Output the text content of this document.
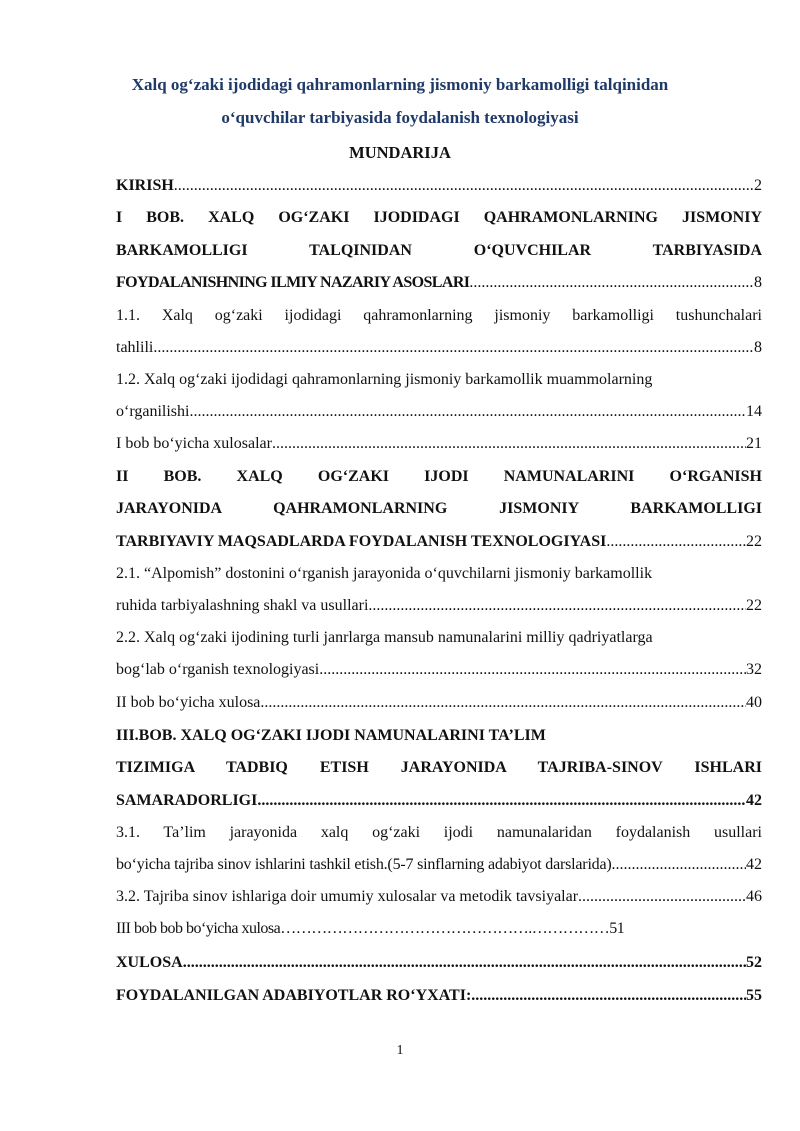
Xalq og‘zaki ijodidagi qahramonlarning jismoniy barkamolligi talqinidan
o‘quvchilar tarbiyasida foydalanish texnologiyasi
MUNDARIJA
KIRISH .....	2
I BOB. XALQ OG‘ZAKI IJODIDAGI QAHRAMONLARNING JISMONIY
BARKAMOLLIGI TALQINIDAN O‘QUVCHILAR TARBIYASIDA
FOYDALANISHNING ILMIY NAZARIY ASOSLARI .....	8
1.1. Xalq og‘zaki ijodidagi qahramonlarning jismoniy barkamolligi tushunchalari
tahlili .....	8
1.2. Xalq og‘zaki ijodidagi qahramonlarning jismoniy barkamollik muammolarning
o‘rganilishi .....	14
I bob bo‘yicha xulosalar .....	21
II BOB. XALQ OG‘ZAKI IJODI NAMUNALARINI O‘RGANISH
JARAYONIDA QAHRAMONLARNING JISMONIY BARKAMOLLIGI
TARBIYAVIY MAQSADLARDA FOYDALANISH TEXNOLOGIYASI .....	22
2.1. “Alpomish” dostonini o‘rganish jarayonida o‘quvchilarni jismoniy barkamollik
ruhida tarbiyalashning shakl va usullari .....	22
2.2. Xalq og‘zaki ijodining turli janrlarga mansub namunalarini milliy qadriyatlarga
bog‘lab o‘rganish texnologiyasi .....	32
II bob bo‘yicha xulosa .....	40
III.BOB. XALQ OG‘ZAKI IJODI NAMUNALARINI TA’LIM
TIZIMIGA TADBIQ ETISH JARAYONIDA TAJRIBA-SINOV ISHLARI
SAMARADORLIGI .....	42
3.1. Ta’lim jarayonida xalq og‘zaki ijodi namunalaridan foydalanish usullari
bo‘yicha tajriba sinov ishlarini tashkil etish.(5-7 sinflarning adabiyot darslarida) .....	42
3.2. Tajriba sinov ishlariga doir umumiy xulosalar va metodik tavsiyalar .....	46
III bob bob bo‘yicha xulosa………………………………………….……………51
XULOSA .....	52
FOYDALANILGAN ADABIYOTLAR RO‘YXATI: .....	55
1
